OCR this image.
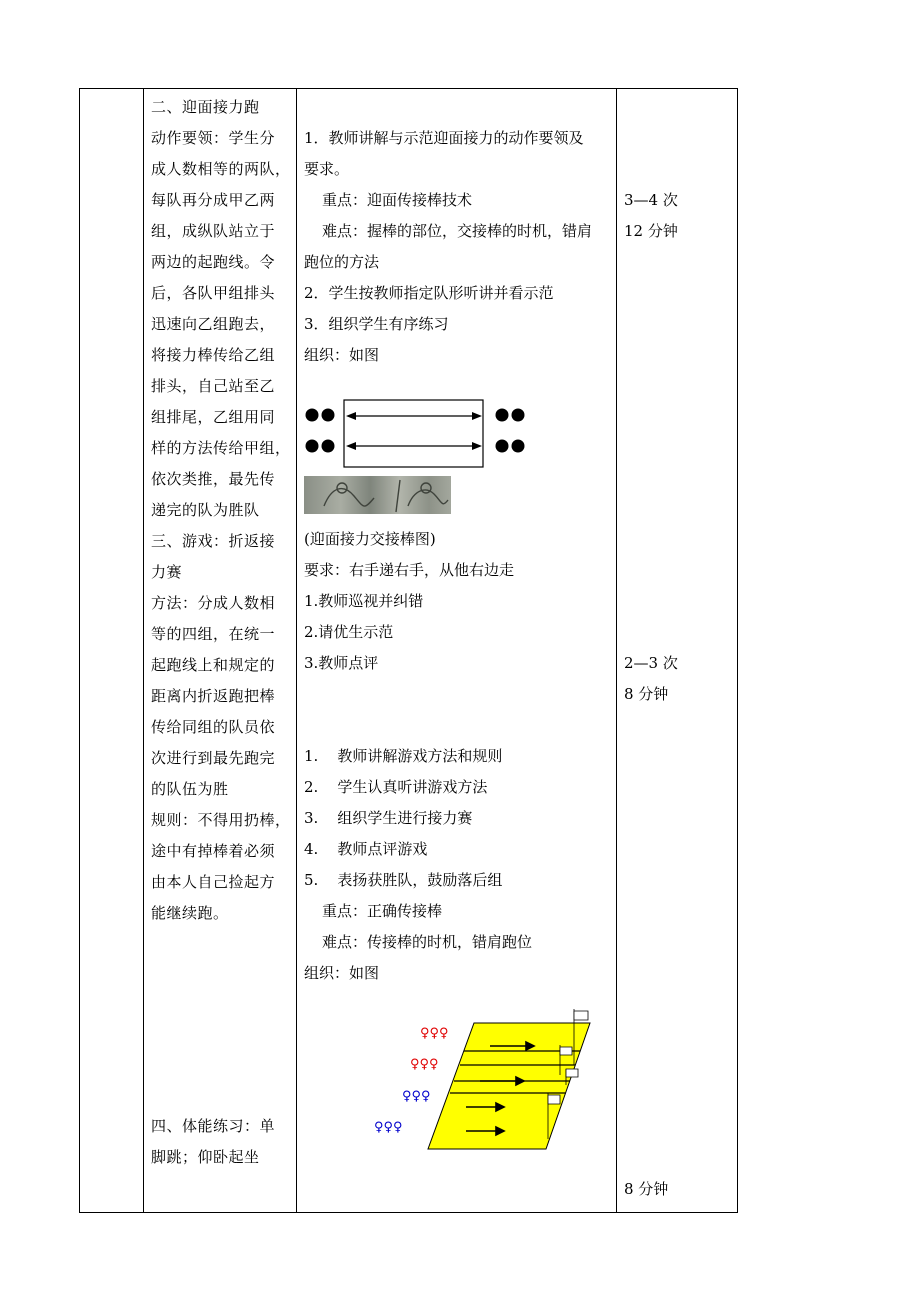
二、迎面接力跑

动作要领：学生分

成人数相等的两队，

每队再分成甲乙两

组，成纵队站立于

两边的起跑线。令

后，各队甲组排头

迅速向乙组跑去，

将接力棒传给乙组

排头，自己站至乙

组排尾，乙组用同

样的方法传给甲组，

依次类推，最先传

递完的队为胜队

三、游戏：折返接

力赛

方法：分成人数相

等的四组，在统一

起跑线上和规定的

距离内折返跑把棒

传给同组的队员依

次进行到最先跑完

的队伍为胜

规则：不得用扔棒，

途中有掉棒着必须

由本人自己捡起方

能继续跑。

四、体能练习：单

脚跳；仰卧起坐

1．教师讲解与示范迎面接力的动作要领及

要求。

重点：迎面传接棒技术

难点：握棒的部位，交接棒的时机，错肩

跑位的方法

2．学生按教师指定队形听讲并看示范

3．组织学生有序练习

组织：如图

(迎面接力交接棒图)

要求：右手递右手，从他右边走

1.教师巡视并纠错

2.请优生示范

3.教师点评

1.    教师讲解游戏方法和规则

2.    学生认真听讲游戏方法

3.    组织学生进行接力赛

4.    教师点评游戏

5.    表扬获胜队，鼓励落后组

重点：正确传接棒

难点：传接棒的时机，错肩跑位

组织：如图

♀♀♀
♀♀♀
♀♀♀
♀♀♀

3—4 次

12 分钟

2—3 次

8 分钟

8 分钟
